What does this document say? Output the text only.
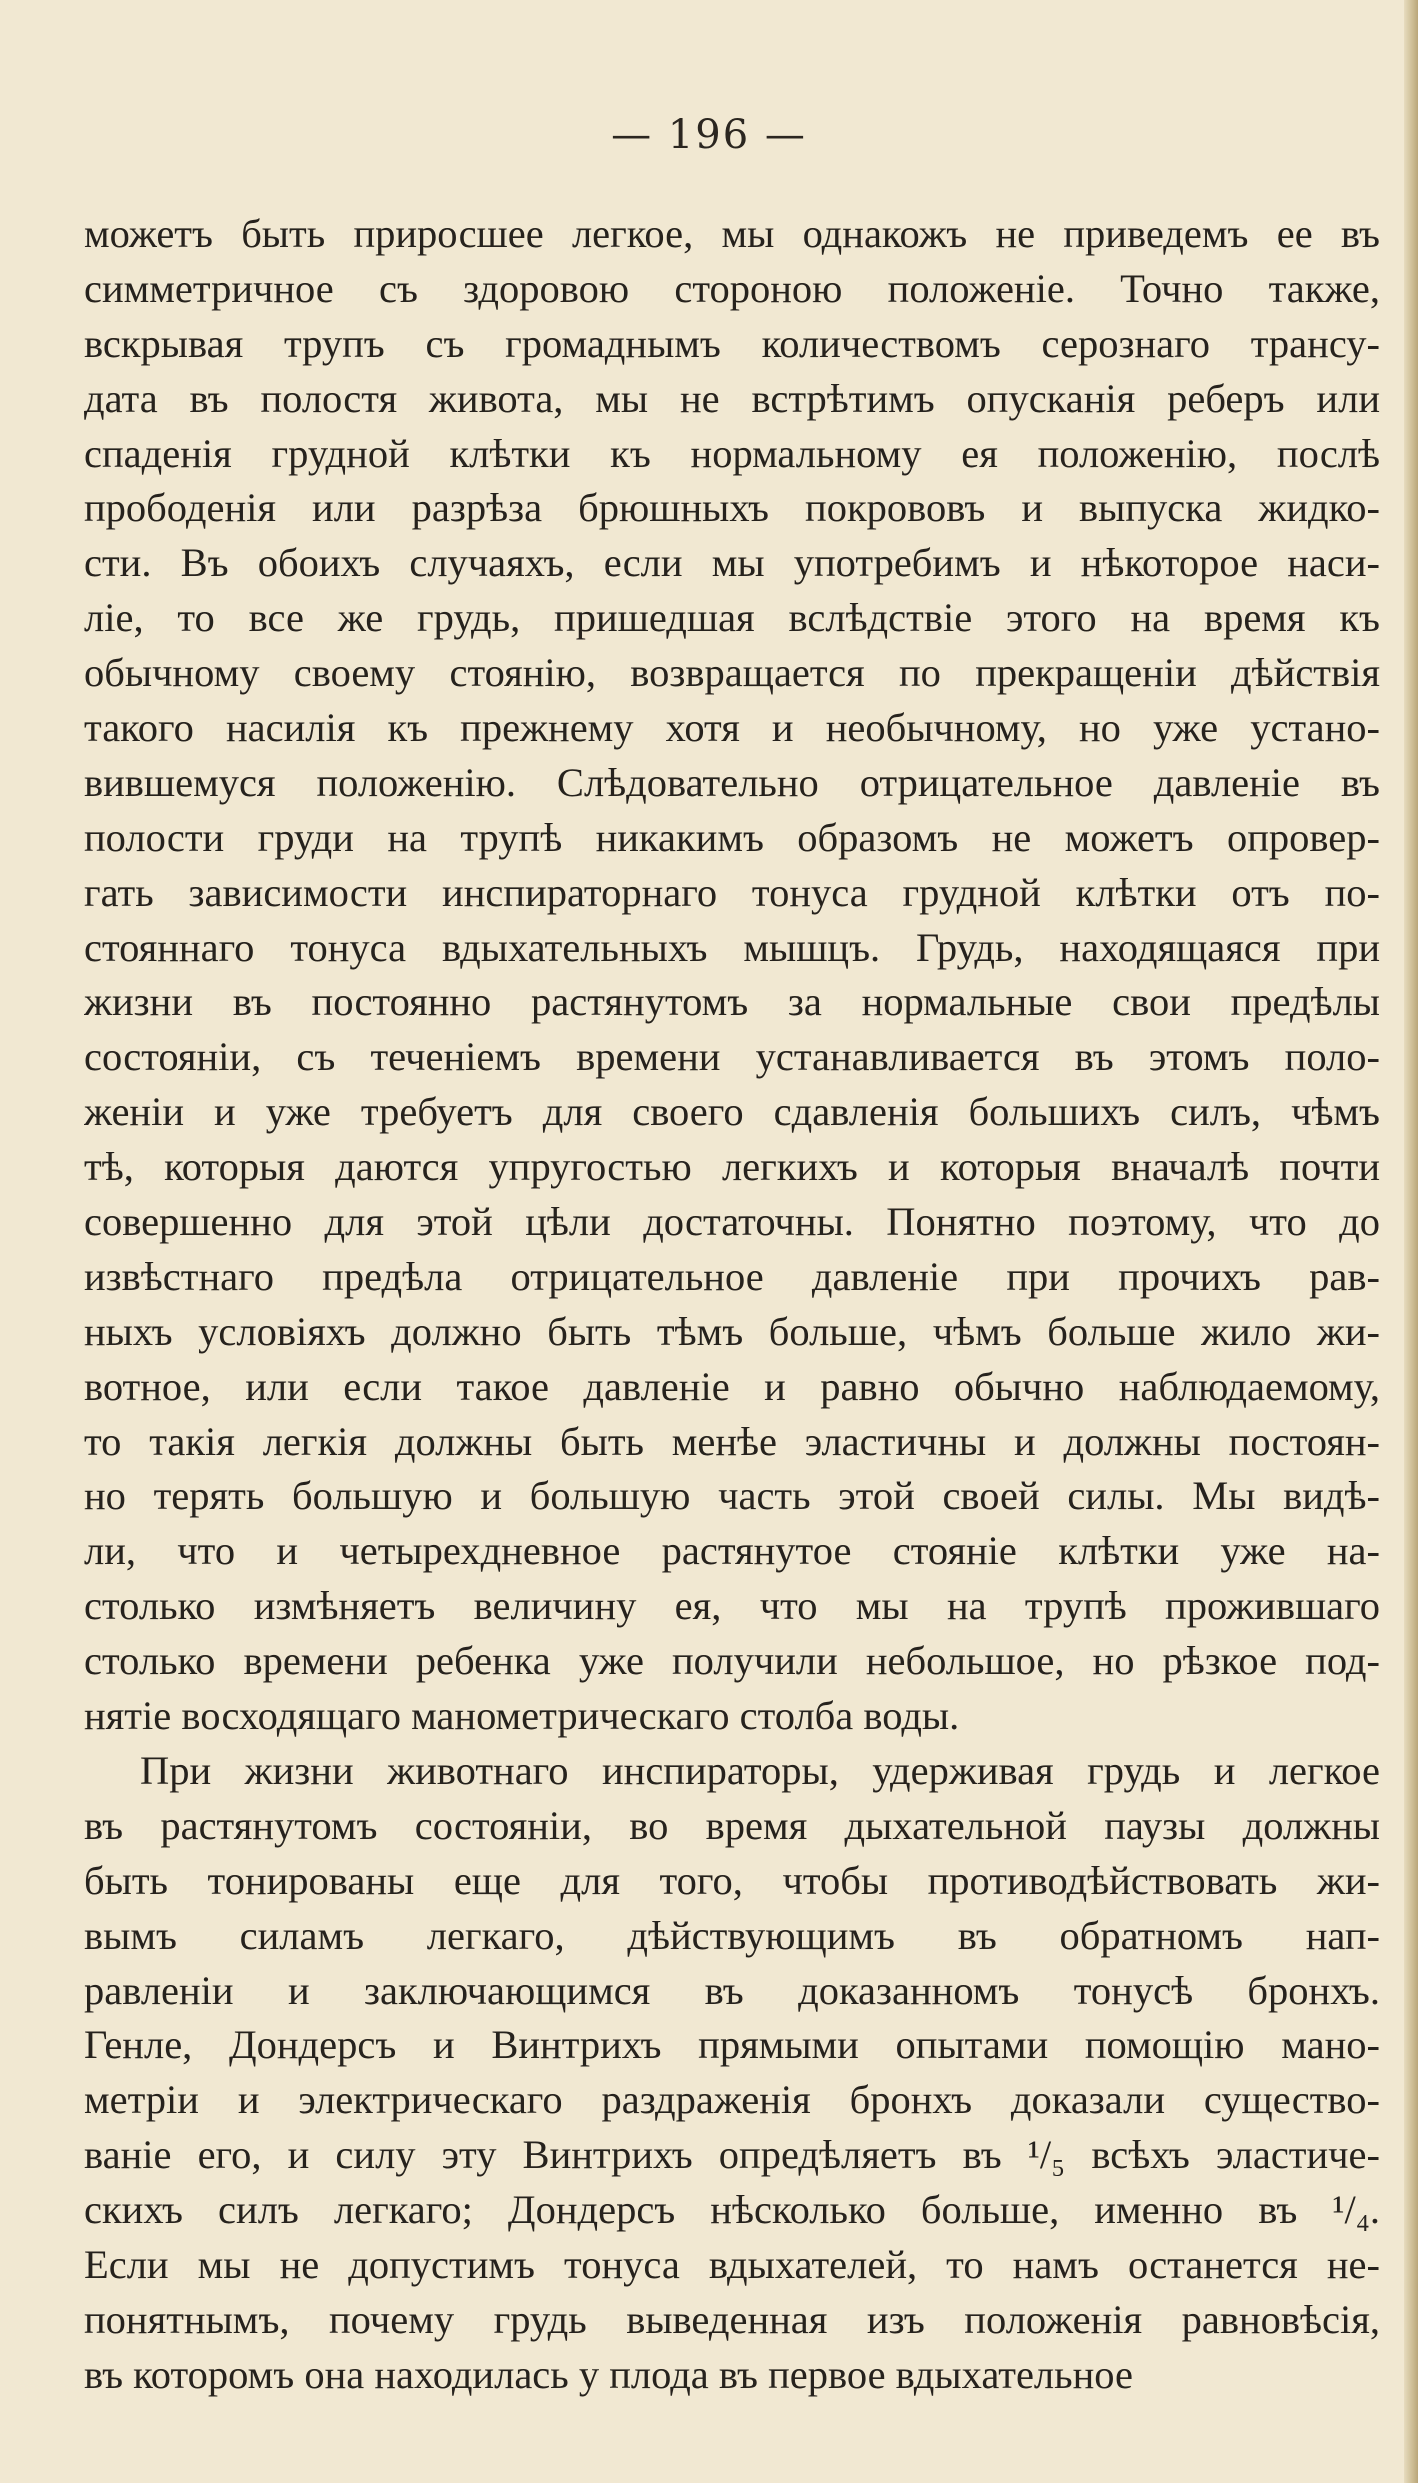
— 196 —
можетъ быть приросшее легкое, мы однакожъ не приведемъ ее въ
симметричное съ здоровою стороною положеніе. Точно также,
вскрывая трупъ съ громаднымъ количествомъ серознаго трансу-
дата въ полостя живота, мы не встрѣтимъ опусканія реберъ или
спаденія грудной клѣтки къ нормальному ея положенію, послѣ
прободенія или разрѣза брюшныхъ покрововъ и выпуска жидко-
сти. Въ обоихъ случаяхъ, если мы употребимъ и нѣкоторое наси-
ліе, то все же грудь, пришедшая вслѣдствіе этого на время къ
обычному своему стоянію, возвращается по прекращеніи дѣйствія
такого насилія къ прежнему хотя и необычному, но уже устано-
вившемуся положенію. Слѣдовательно отрицательное давленіе въ
полости груди на трупѣ никакимъ образомъ не можетъ опровер-
гать зависимости инспираторнаго тонуса грудной клѣтки отъ по-
стояннаго тонуса вдыхательныхъ мышцъ. Грудь, находящаяся при
жизни въ постоянно растянутомъ за нормальные свои предѣлы
состояніи, съ теченіемъ времени устанавливается въ этомъ поло-
женіи и уже требуетъ для своего сдавленія большихъ силъ, чѣмъ
тѣ, которыя даются упругостью легкихъ и которыя вначалѣ почти
совершенно для этой цѣли достаточны. Понятно поэтому, что до
извѣстнаго предѣла отрицательное давленіе при прочихъ рав-
ныхъ условіяхъ должно быть тѣмъ больше, чѣмъ больше жило жи-
вотное, или если такое давленіе и равно обычно наблюдаемому,
то такія легкія должны быть менѣе эластичны и должны постоян-
но терять большую и большую часть этой своей силы. Мы видѣ-
ли, что и четырехдневное растянутое стояніе клѣтки уже на-
столько измѣняетъ величину ея, что мы на трупѣ прожившаго
столько времени ребенка уже получили небольшое, но рѣзкое под-
нятіе восходящаго манометрическаго столба воды.
При жизни животнаго инспираторы, удерживая грудь и легкое
въ растянутомъ состояніи, во время дыхательной паузы должны
быть тонированы еще для того, чтобы противодѣйствовать жи-
вымъ силамъ легкаго, дѣйствующимъ въ обратномъ нап-
равленіи и заключающимся въ доказанномъ тонусѣ бронхъ.
Генле, Дондерсъ и Винтрихъ прямыми опытами помощію мано-
метріи и электрическаго раздраженія бронхъ доказали существо-
ваніе его, и силу эту Винтрихъ опредѣляетъ въ ¹/₅ всѣхъ эластиче-
скихъ силъ легкаго; Дондерсъ нѣсколько больше, именно въ ¹/₄.
Если мы не допустимъ тонуса вдыхателей, то намъ останется не-
понятнымъ, почему грудь выведенная изъ положенія равновѣсія,
въ которомъ она находилась у плода въ первое вдыхательное
